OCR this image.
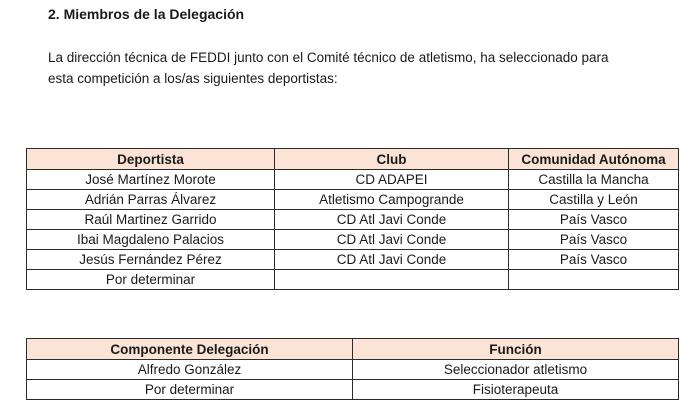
2. Miembros de la Delegación

La dirección técnica de FEDDI junto con el Comité técnico de atletismo, ha seleccionado para
esta competición a los/as siguientes deportistas:

Deportista	Club	Comunidad Autónoma
José Martínez Morote	CD ADAPEI	Castilla la Mancha
Adrián Parras Álvarez	Atletismo Campogrande	Castilla y León
Raúl Martinez Garrido	CD Atl Javi Conde	País Vasco
Ibai Magdaleno Palacios	CD Atl Javi Conde	País Vasco
Jesús Fernández Pérez	CD Atl Javi Conde	País Vasco
Por determinar		
Componente Delegación	Función
Alfredo González	Seleccionador atletismo
Por determinar	Fisioterapeuta
